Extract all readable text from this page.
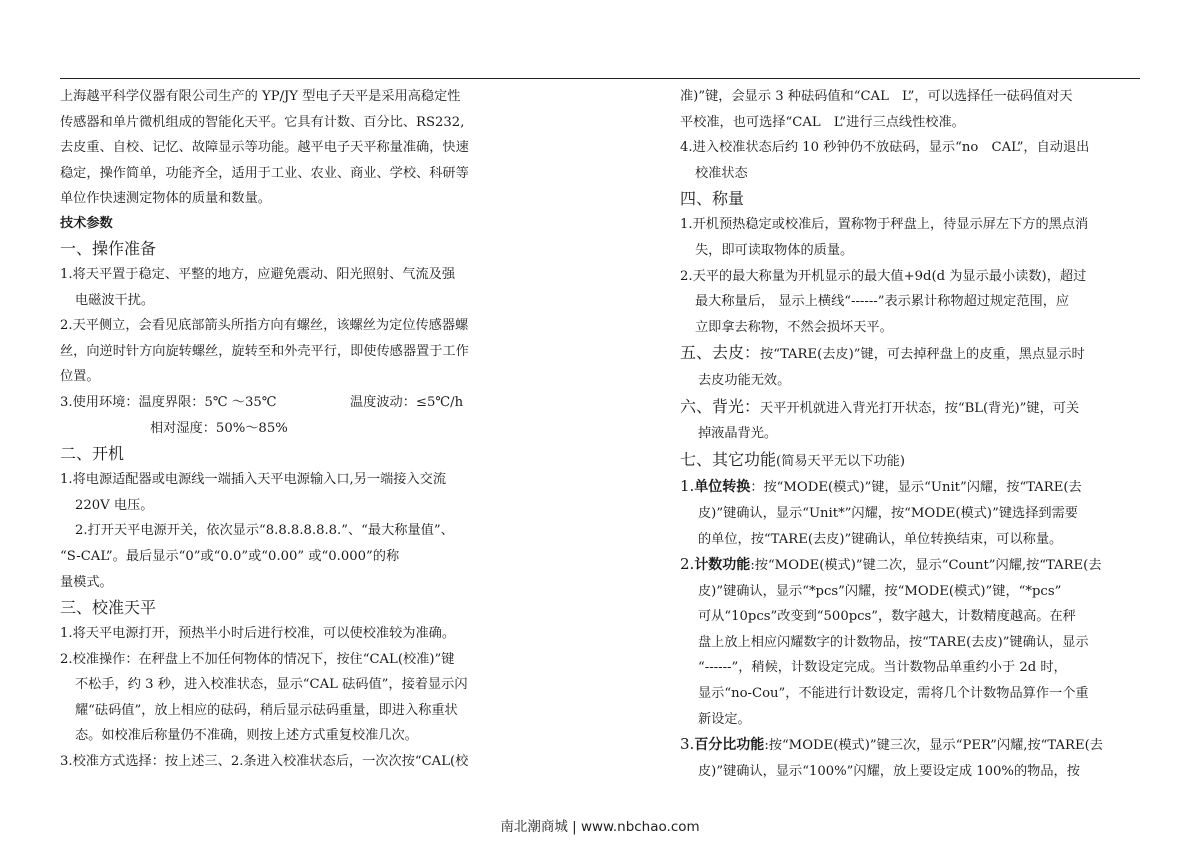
上海越平科学仪器有限公司生产的 YP/JY 型电子天平是采用高稳定性

传感器和单片微机组成的智能化天平。它具有计数、百分比、RS232,

去皮重、自校、记忆、故障显示等功能。越平电子天平称量准确，快速

稳定，操作简单，功能齐全，适用于工业、农业、商业、学校、科研等

单位作快速测定物体的质量和数量。

技术参数

一、操作准备

1.将天平置于稳定、平整的地方，应避免震动、阳光照射、气流及强
电磁波干扰。
2.天平侧立，会看见底部箭头所指方向有螺丝，该螺丝为定位传感器螺
丝，向逆时针方向旋转螺丝，旋转至和外壳平行，即使传感器置于工作
位置。
3.使用环境：温度界限：5℃ ～35℃	温度波动：≤5℃/h
相对湿度：50%～85%

二、开机

1.将电源适配器或电源线一端插入天平电源输入口,另一端接入交流
220V 电压。
2.打开天平电源开关，依次显示“8.8.8.8.8.8.”、“最大称量值”、
“S-CAL”。最后显示“0”或“0.0”或“0.00” 或“0.000”的称
量模式。

三、校准天平

1.将天平电源打开，预热半小时后进行校准，可以使校准较为准确。

2.校准操作：在秤盘上不加任何物体的情况下，按住“CAL(校准)”键
不松手，约 3 秒，进入校准状态，显示“CAL 砝码值”，接着显示闪
耀“砝码值”，放上相应的砝码，稍后显示砝码重量，即进入称重状
态。如校准后称量仍不准确，则按上述方式重复校准几次。

3.校准方式选择：按上述三、2.条进入校准状态后，一次次按“CAL(校

准)”键，会显示 3 种砝码值和“CAL　L”，可以选择任一砝码值对天
平校准，也可选择“CAL　L”进行三点线性校准。
4.进入校准状态后约 10 秒钟仍不放砝码，显示“no　CAL”，自动退出
校准状态

四、称量

1.开机预热稳定或校准后，置称物于秤盘上，待显示屏左下方的黑点消
失，即可读取物体的质量。
2.天平的最大称量为开机显示的最大值+9d(d 为显示最小读数)，超过
最大称量后， 显示上横线“------”表示累计称物超过规定范围，应
立即拿去称物，不然会损坏天平。
五、去皮：按“TARE(去皮)”键，可去掉秤盘上的皮重，黑点显示时
去皮功能无效。
六、背光：天平开机就进入背光打开状态，按“BL(背光)”键，可关
掉液晶背光。

七、其它功能(简易天平无以下功能)

1.单位转换：按“MODE(模式)”键，显示“Unit”闪耀，按“TARE(去
皮)”键确认，显示“Unit*”闪耀，按“MODE(模式)”键选择到需要
的单位，按“TARE(去皮)”键确认，单位转换结束，可以称量。
2.计数功能:按“MODE(模式)”键二次，显示“Count”闪耀,按“TARE(去
皮)”键确认，显示“*pcs”闪耀，按“MODE(模式)”键，“*pcs”
可从“10pcs”改变到“500pcs”，数字越大，计数精度越高。在秤
盘上放上相应闪耀数字的计数物品，按“TARE(去皮)”键确认，显示
“------”，稍候，计数设定完成。当计数物品单重约小于 2d 时，
显示“no-Cou”，不能进行计数设定，需将几个计数物品算作一个重
新设定。
3.百分比功能:按“MODE(模式)”键三次，显示“PER”闪耀,按“TARE(去
皮)”键确认，显示“100%”闪耀，放上要设定成 100%的物品，按
南北潮商城 | www.nbchao.com
